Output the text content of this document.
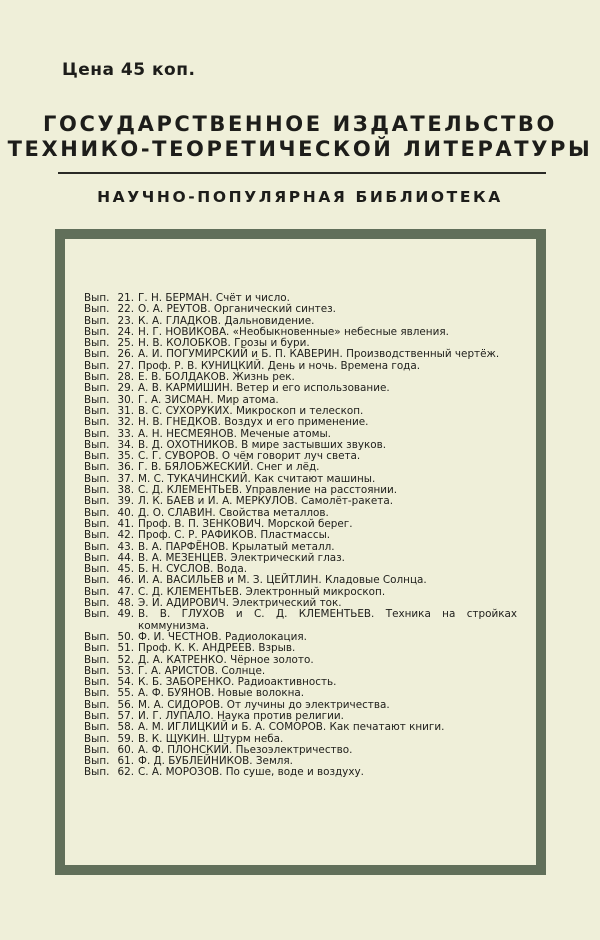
Цена 45 коп.
ГОСУДАРСТВЕННОЕ ИЗДАТЕЛЬСТВО
ТЕХНИКО-ТЕОРЕТИЧЕСКОЙ ЛИТЕРАТУРЫ
НАУЧНО-ПОПУЛЯРНАЯ БИБЛИОТЕКА
Вып. 21. Г. Н. БЕРМАН. Счёт и число.
Вып. 22. О. А. РЕУТОВ. Органический синтез.
Вып. 23. К. А. ГЛАДКОВ. Дальновидение.
Вып. 24. Н. Г. НОВИКОВА. «Необыкновенные» небесные явления.
Вып. 25. Н. В. КОЛОБКОВ. Грозы и бури.
Вып. 26. А. И. ПОГУМИРСКИЙ и Б. П. КАВЕРИН. Производственный чертёж.
Вып. 27. Проф. Р. В. КУНИЦКИЙ. День и ночь. Времена года.
Вып. 28. Е. В. БОЛДАКОВ. Жизнь рек.
Вып. 29. А. В. КАРМИШИН. Ветер и его использование.
Вып. 30. Г. А. ЗИСМАН. Мир атома.
Вып. 31. В. С. СУХОРУКИХ. Микроскоп и телескоп.
Вып. 32. Н. В. ГНЕДКОВ. Воздух и его применение.
Вып. 33. А. Н. НЕСМЕЯНОВ. Меченые атомы.
Вып. 34. В. Д. ОХОТНИКОВ. В мире застывших звуков.
Вып. 35. С. Г. СУВОРОВ. О чём говорит луч света.
Вып. 36. Г. В. БЯЛОБЖЕСКИЙ. Снег и лёд.
Вып. 37. М. С. ТУКАЧИНСКИЙ. Как считают машины.
Вып. 38. С. Д. КЛЕМЕНТЬЕВ. Управление на расстоянии.
Вып. 39. Л. К. БАЕВ и И. А. МЕРКУЛОВ. Самолёт-ракета.
Вып. 40. Д. О. СЛАВИН. Свойства металлов.
Вып. 41. Проф. В. П. ЗЕНКОВИЧ. Морской берег.
Вып. 42. Проф. С. Р. РАФИКОВ. Пластмассы.
Вып. 43. В. А. ПАРФЁНОВ. Крылатый металл.
Вып. 44. В. А. МЕЗЕНЦЕВ. Электрический глаз.
Вып. 45. Б. Н. СУСЛОВ. Вода.
Вып. 46. И. А. ВАСИЛЬЕВ и М. З. ЦЕЙТЛИН. Кладовые Солнца.
Вып. 47. С. Д. КЛЕМЕНТЬЕВ. Электронный микроскоп.
Вып. 48. Э. И. АДИРОВИЧ. Электрический ток.
Вып. 49. В. В. ГЛУХОВ и С. Д. КЛЕМЕНТЬЕВ. Техника на стройках коммунизма.
Вып. 50. Ф. И. ЧЕСТНОВ. Радиолокация.
Вып. 51. Проф. К. К. АНДРЕЕВ. Взрыв.
Вып. 52. Д. А. КАТРЕНКО. Чёрное золото.
Вып. 53. Г. А. АРИСТОВ. Солнце.
Вып. 54. К. Б. ЗАБОРЕНКО. Радиоактивность.
Вып. 55. А. Ф. БУЯНОВ. Новые волокна.
Вып. 56. М. А. СИДОРОВ. От лучины до электричества.
Вып. 57. И. Г. ЛУПАЛО. Наука против религии.
Вып. 58. А. М. ИГЛИЦКИЙ и Б. А. СОМОРОВ. Как печатают книги.
Вып. 59. В. К. ЩУКИН. Штурм неба.
Вып. 60. А. Ф. ПЛОНСКИЙ. Пьезоэлектричество.
Вып. 61. Ф. Д. БУБЛЕЙНИКОВ. Земля.
Вып. 62. С. А. МОРОЗОВ. По суше, воде и воздуху.
